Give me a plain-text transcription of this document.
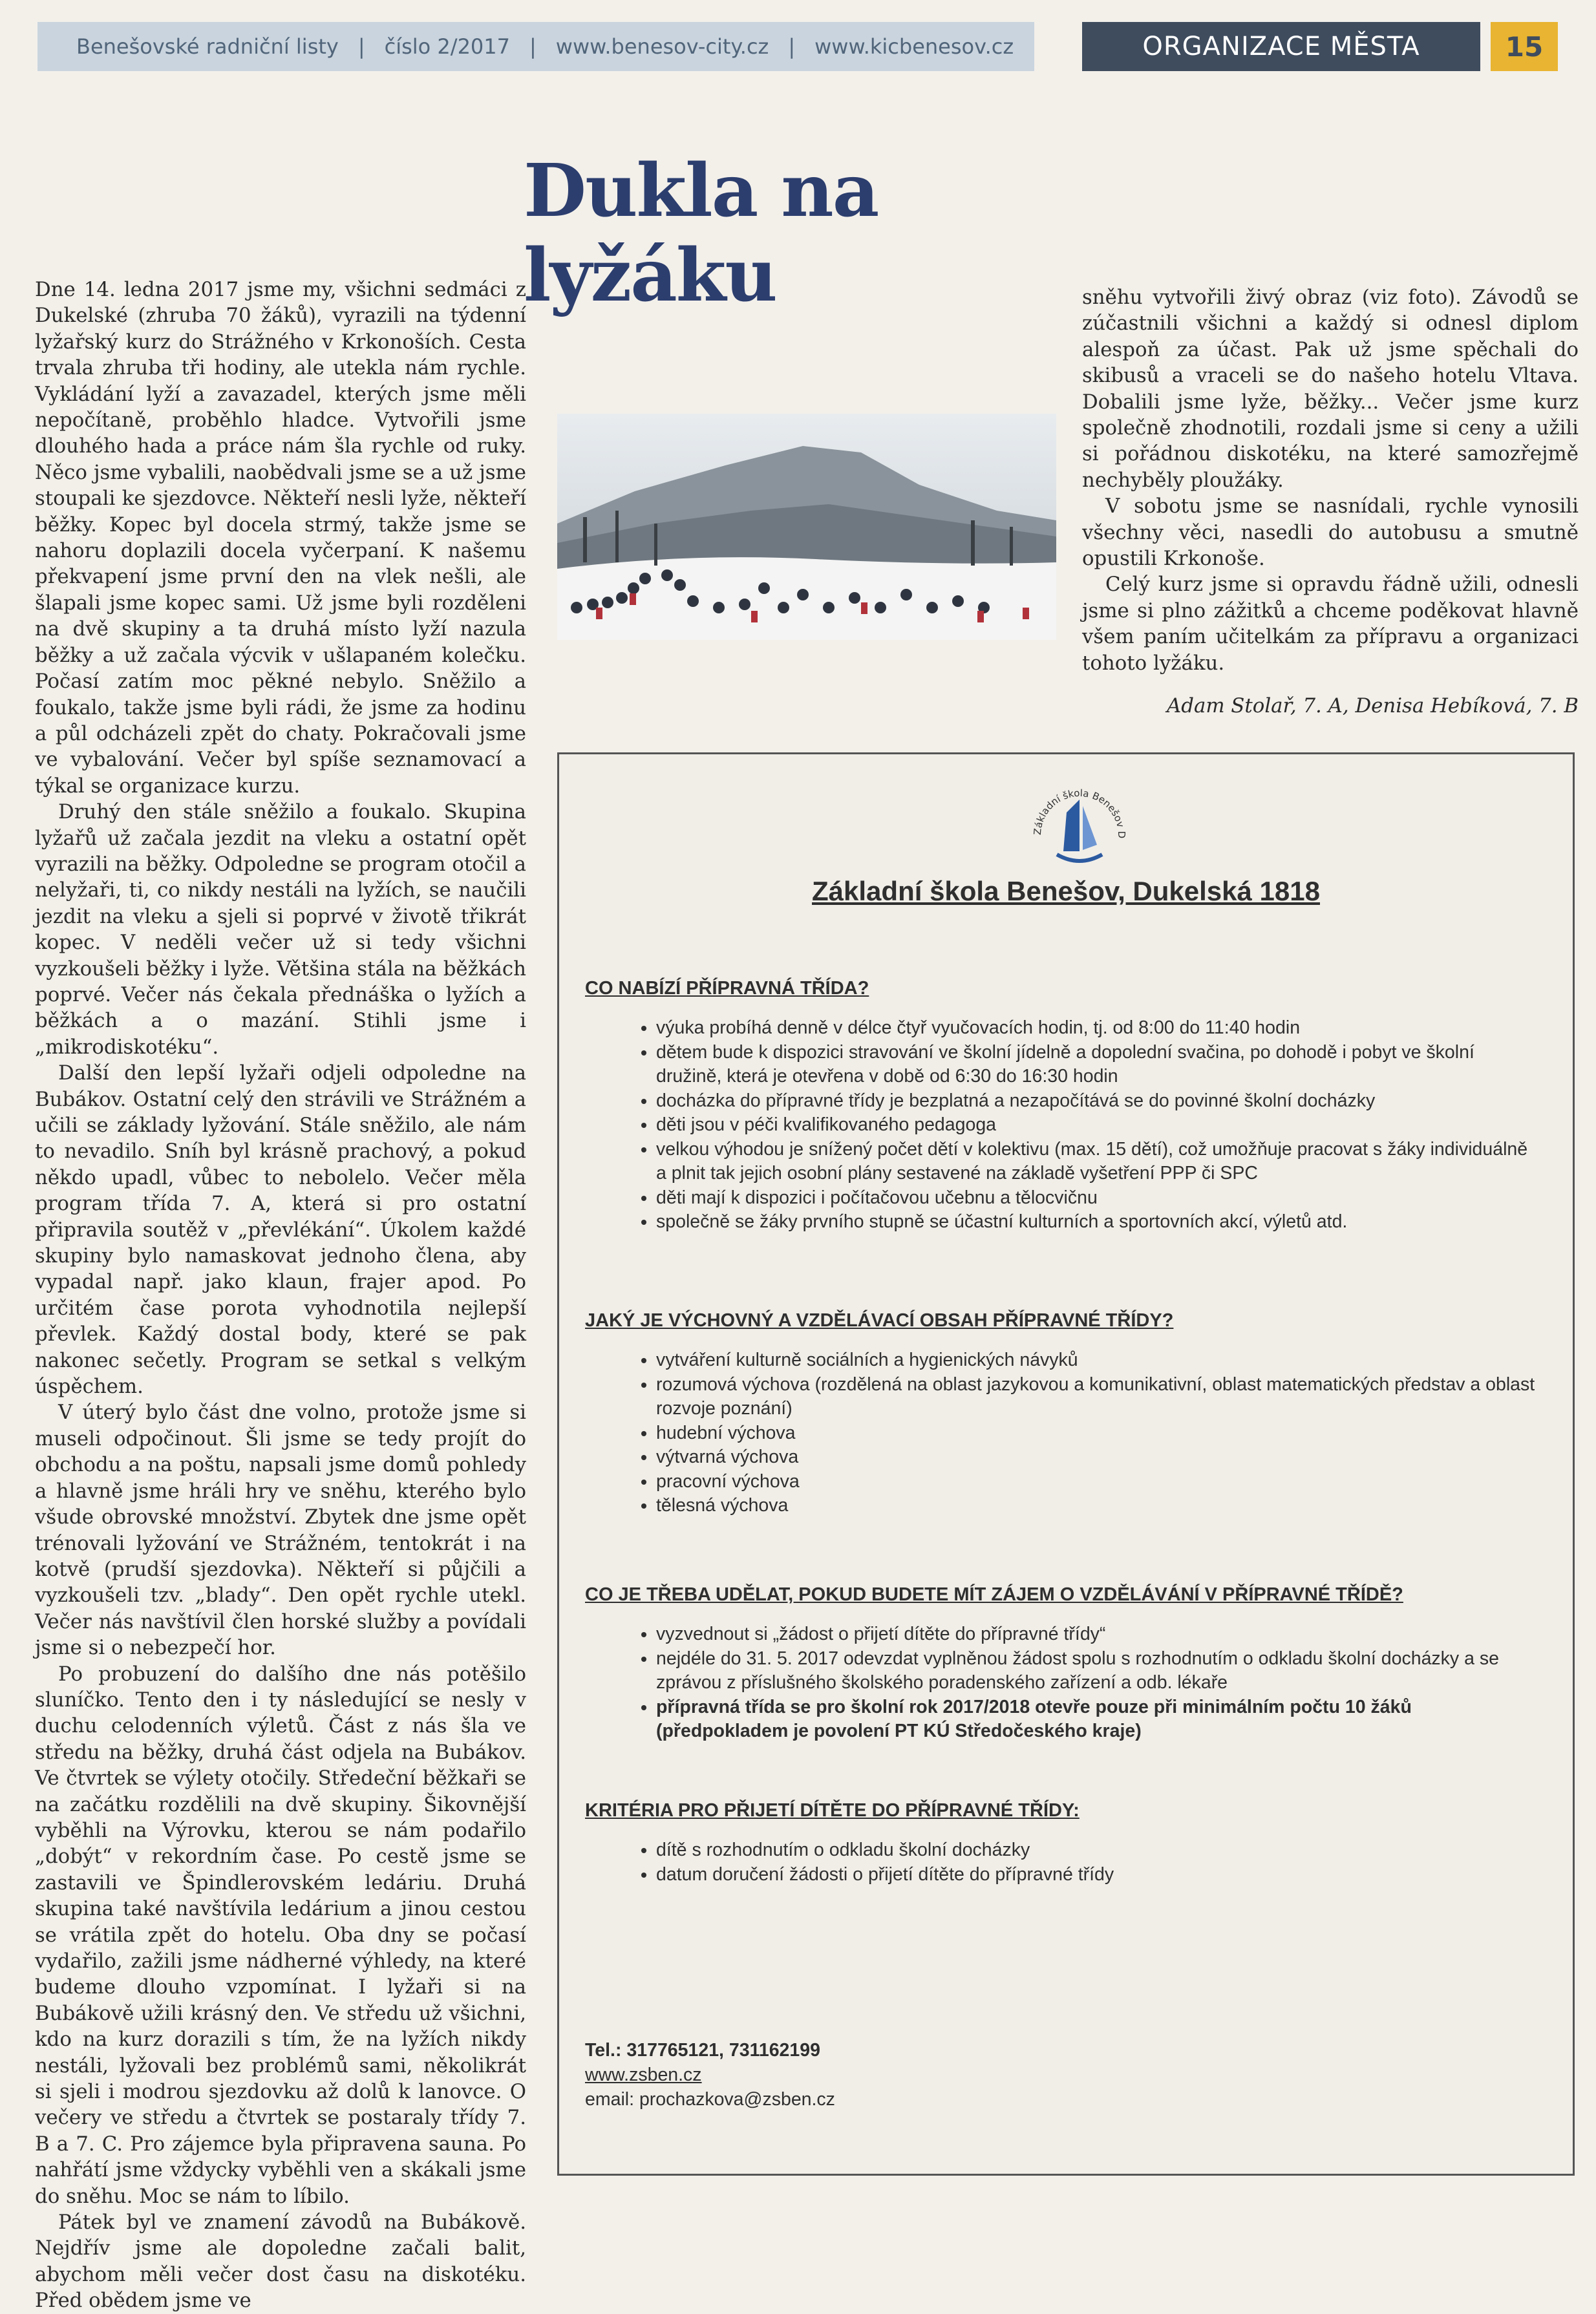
Benešovské radniční listy | číslo 2/2017 | www.benesov-city.cz | www.kicbenesov.cz	ORGANIZACE MĚSTA	15
Dukla na lyžáku

Dne 14. ledna 2017 jsme my, všichni sedmáci z Dukelské (zhruba 70 žáků), vyrazili na týdenní lyžařský kurz do Strážného v Krkonoších. Cesta trvala zhruba tři hodiny, ale utekla nám rychle. Vykládání lyží a zavazadel, kterých jsme měli nepočítaně, proběhlo hladce. Vytvořili jsme dlouhého hada a práce nám šla rychle od ruky. Něco jsme vybalili, naobědvali jsme se a už jsme stoupali ke sjezdovce. Někteří nesli lyže, někteří běžky. Kopec byl docela strmý, takže jsme se nahoru doplazili docela vyčerpaní. K našemu překvapení jsme první den na vlek nešli, ale šlapali jsme kopec sami. Už jsme byli rozděleni na dvě skupiny a ta druhá místo lyží nazula běžky a už začala výcvik v ušlapaném kolečku. Počasí zatím moc pěkné nebylo. Sněžilo a foukalo, takže jsme byli rádi, že jsme za hodinu a půl odcházeli zpět do chaty. Pokračovali jsme ve vybalování. Večer byl spíše seznamovací a týkal se organizace kurzu.

Druhý den stále sněžilo a foukalo. Skupina lyžařů už začala jezdit na vleku a ostatní opět vyrazili na běžky. Odpoledne se program otočil a nelyžaři, ti, co nikdy nestáli na lyžích, se naučili jezdit na vleku a sjeli si poprvé v životě třikrát kopec. V neděli večer už si tedy všichni vyzkoušeli běžky i lyže. Většina stála na běžkách poprvé. Večer nás čekala přednáška o lyžích a běžkách a o mazání. Stihli jsme i „mikrodiskotéku“.

Další den lepší lyžaři odjeli odpoledne na Bubákov. Ostatní celý den strávili ve Strážném a učili se základy lyžování. Stále sněžilo, ale nám to nevadilo. Sníh byl krásně prachový, a pokud někdo upadl, vůbec to nebolelo. Večer měla program třída 7. A, která si pro ostatní připravila soutěž v „převlékání“. Úkolem každé skupiny bylo namaskovat jednoho člena, aby vypadal např. jako klaun, frajer apod. Po určitém čase porota vyhodnotila nejlepší převlek. Každý dostal body, které se pak nakonec sečetly. Program se setkal s velkým úspěchem.

V úterý bylo část dne volno, protože jsme si museli odpočinout. Šli jsme se tedy projít do obchodu a na poštu, napsali jsme domů pohledy a hlavně jsme hráli hry ve sněhu, kterého bylo všude obrovské množství. Zbytek dne jsme opět trénovali lyžování ve Strážném, tentokrát i na kotvě (prudší sjezdovka). Někteří si půjčili a vyzkoušeli tzv. „blady“. Den opět rychle utekl. Večer nás navštívil člen horské služby a povídali jsme si o nebezpečí hor.

Po probuzení do dalšího dne nás potěšilo sluníčko. Tento den i ty následující se nesly v duchu celodenních výletů. Část z nás šla ve středu na běžky, druhá část odjela na Bubákov. Ve čtvrtek se výlety otočily. Středeční běžkaři se na začátku rozdělili na dvě skupiny. Šikovnější vyběhli na Výrovku, kterou se nám podařilo „dobýt“ v rekordním čase. Po cestě jsme se zastavili ve Špindlerovském ledáriu. Druhá skupina také navštívila ledárium a jinou cestou se vrátila zpět do hotelu. Oba dny se počasí vydařilo, zažili jsme nádherné výhledy, na které budeme dlouho vzpomínat. I lyžaři si na Bubákově užili krásný den. Ve středu už všichni, kdo na kurz dorazili s tím, že na lyžích nikdy nestáli, lyžovali bez problémů sami, několikrát si sjeli i modrou sjezdovku až dolů k lanovce. O večery ve středu a čtvrtek se postaraly třídy 7. B a 7. C. Pro zájemce byla připravena sauna. Po nahřátí jsme vždycky vyběhli ven a skákali jsme do sněhu. Moc se nám to líbilo.

Pátek byl ve znamení závodů na Bubákově. Nejdřív jsme ale dopoledne začali balit, abychom měli večer dost času na diskotéku. Před obědem jsme ve

sněhu vytvořili živý obraz (viz foto). Závodů se zúčastnili všichni a každý si odnesl diplom alespoň za účast. Pak už jsme spěchali do skibusů a vraceli se do našeho hotelu Vltava. Dobalili jsme lyže, běžky... Večer jsme kurz společně zhodnotili, rozdali jsme si ceny a užili si pořádnou diskotéku, na které samozřejmě nechyběly ploužáky.

V sobotu jsme se nasnídali, rychle vynosili všechny věci, nasedli do autobusu a smutně opustili Krkonoše.

Celý kurz jsme si opravdu řádně užili, odnesli jsme si plno zážitků a chceme poděkovat hlavně všem paním učitelkám za přípravu a organizaci tohoto lyžáku.

Adam Stolař, 7. A, Denisa Hebíková, 7. B

Základní škola Benešov D
Základní škola Benešov, Dukelská 1818
CO NABÍZÍ PŘÍPRAVNÁ TŘÍDA?
• výuka probíhá denně v délce čtyř vyučovacích hodin, tj. od 8:00 do 11:40 hodin
• dětem bude k dispozici stravování ve školní jídelně a dopolední svačina, po dohodě i pobyt ve školní družině, která je otevřena v době od 6:30 do 16:30 hodin
• docházka do přípravné třídy je bezplatná a nezapočítává se do povinné školní docházky
• děti jsou v péči kvalifikovaného pedagoga
• velkou výhodou je snížený počet dětí v kolektivu (max. 15 dětí), což umožňuje pracovat s žáky individuálně a plnit tak jejich osobní plány sestavené na základě vyšetření PPP či SPC
• děti mají k dispozici i počítačovou učebnu a tělocvičnu
• společně se žáky prvního stupně se účastní kulturních a sportovních akcí, výletů atd.
JAKÝ JE VÝCHOVNÝ A VZDĚLÁVACÍ OBSAH PŘÍPRAVNÉ TŘÍDY?
• vytváření kulturně sociálních a hygienických návyků
• rozumová výchova (rozdělená na oblast jazykovou a komunikativní, oblast matematických představ a oblast rozvoje poznání)
• hudební výchova
• výtvarná výchova
• pracovní výchova
• tělesná výchova
CO JE TŘEBA UDĚLAT, POKUD BUDETE MÍT ZÁJEM O VZDĚLÁVÁNÍ V PŘÍPRAVNÉ TŘÍDĚ?
• vyzvednout si „žádost o přijetí dítěte do přípravné třídy“
• nejdéle do 31. 5. 2017 odevzdat vyplněnou žádost spolu s rozhodnutím o odkladu školní docházky a se zprávou z příslušného školského poradenského zařízení a odb. lékaře
• přípravná třída se pro školní rok 2017/2018 otevře pouze při minimálním počtu 10 žáků (předpokladem je povolení PT KÚ Středočeského kraje)
KRITÉRIA PRO PŘIJETÍ DÍTĚTE DO PŘÍPRAVNÉ TŘÍDY:
• dítě s rozhodnutím o odkladu školní docházky
• datum doručení žádosti o přijetí dítěte do přípravné třídy
Tel.: 317765121, 731162199
www.zsben.cz
email: prochazkova@zsben.cz
